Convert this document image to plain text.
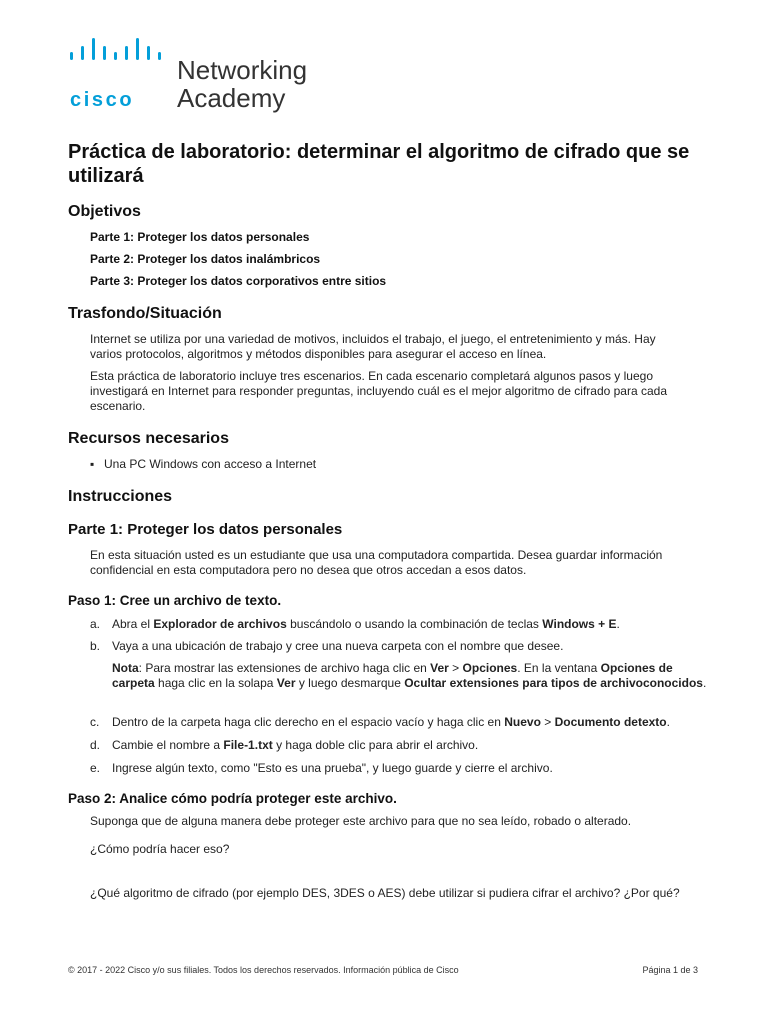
cisco
Networking
Academy
Práctica de laboratorio: determinar el algoritmo de cifrado que se utilizará
Objetivos
Parte 1: Proteger los datos personales
Parte 2: Proteger los datos inalámbricos
Parte 3: Proteger los datos corporativos entre sitios
Trasfondo/Situación
Internet se utiliza por una variedad de motivos, incluidos el trabajo, el juego, el entretenimiento y más. Hay varios protocolos, algoritmos y métodos disponibles para asegurar el acceso en línea.
Esta práctica de laboratorio incluye tres escenarios. En cada escenario completará algunos pasos y luego investigará en Internet para responder preguntas, incluyendo cuál es el mejor algoritmo de cifrado para cada escenario.
Recursos necesarios
▪ Una PC Windows con acceso a Internet
Instrucciones
Parte 1: Proteger los datos personales
En esta situación usted es un estudiante que usa una computadora compartida. Desea guardar información confidencial en esta computadora pero no desea que otros accedan a esos datos.
Paso 1: Cree un archivo de texto.
a. Abra el Explorador de archivos buscándolo o usando la combinación de teclas Windows + E.
b. Vaya a una ubicación de trabajo y cree una nueva carpeta con el nombre que desee.
Nota: Para mostrar las extensiones de archivo haga clic en Ver > Opciones. En la ventana Opciones de carpeta haga clic en la solapa Ver y luego desmarque Ocultar extensiones para tipos de archivoconocidos.
c. Dentro de la carpeta haga clic derecho en el espacio vacío y haga clic en Nuevo > Documento detexto.
d. Cambie el nombre a File-1.txt y haga doble clic para abrir el archivo.
e. Ingrese algún texto, como "Esto es una prueba", y luego guarde y cierre el archivo.
Paso 2: Analice cómo podría proteger este archivo.
Suponga que de alguna manera debe proteger este archivo para que no sea leído, robado o alterado.
¿Cómo podría hacer eso?
¿Qué algoritmo de cifrado (por ejemplo DES, 3DES o AES) debe utilizar si pudiera cifrar el archivo? ¿Por qué?
© 2017 - 2022 Cisco y/o sus filiales. Todos los derechos reservados. Información pública de Cisco	Página 1 de 3
